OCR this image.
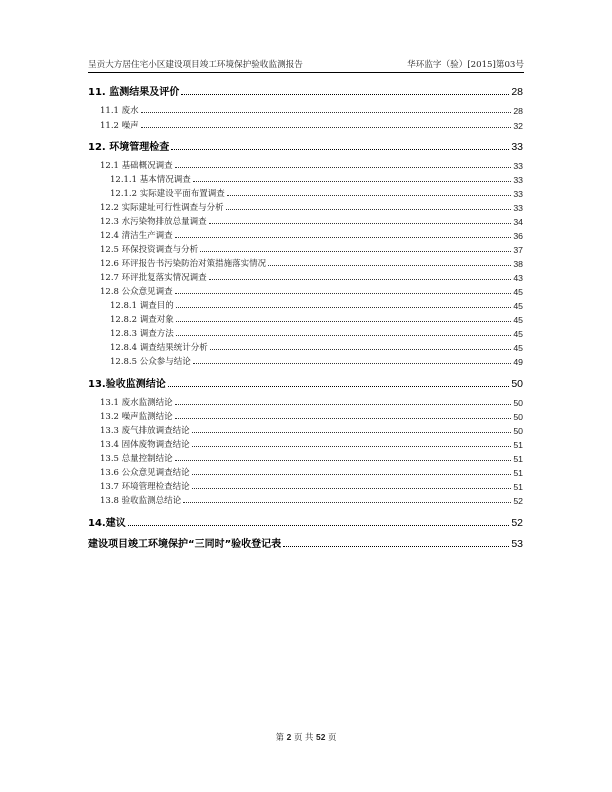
呈贡大方居住宅小区建设项目竣工环境保护验收监测报告	华环监字（验）[2015]第03号
11. 监测结果及评价	28
11.1 废水	28
11.2 噪声	32
12. 环境管理检查	33
12.1 基础概况调查	33
12.1.1 基本情况调查	33
12.1.2 实际建设平面布置调查	33
12.2 实际建址可行性调查与分析	33
12.3 水污染物排放总量调查	34
12.4 清洁生产调查	36
12.5 环保投资调查与分析	37
12.6 环评报告书污染防治对策措施落实情况	38
12.7 环评批复落实情况调查	43
12.8 公众意见调查	45
12.8.1 调查目的	45
12.8.2 调查对象	45
12.8.3 调查方法	45
12.8.4 调查结果统计分析	45
12.8.5 公众参与结论	49
13.验收监测结论	50
13.1 废水监测结论	50
13.2 噪声监测结论	50
13.3 废气排放调查结论	50
13.4 固体废物调查结论	51
13.5 总量控制结论	51
13.6 公众意见调查结论	51
13.7 环境管理检查结论	51
13.8 验收监测总结论	52
14.建议	52
建设项目竣工环境保护“三同时”验收登记表	53
第 2 页 共 52 页
